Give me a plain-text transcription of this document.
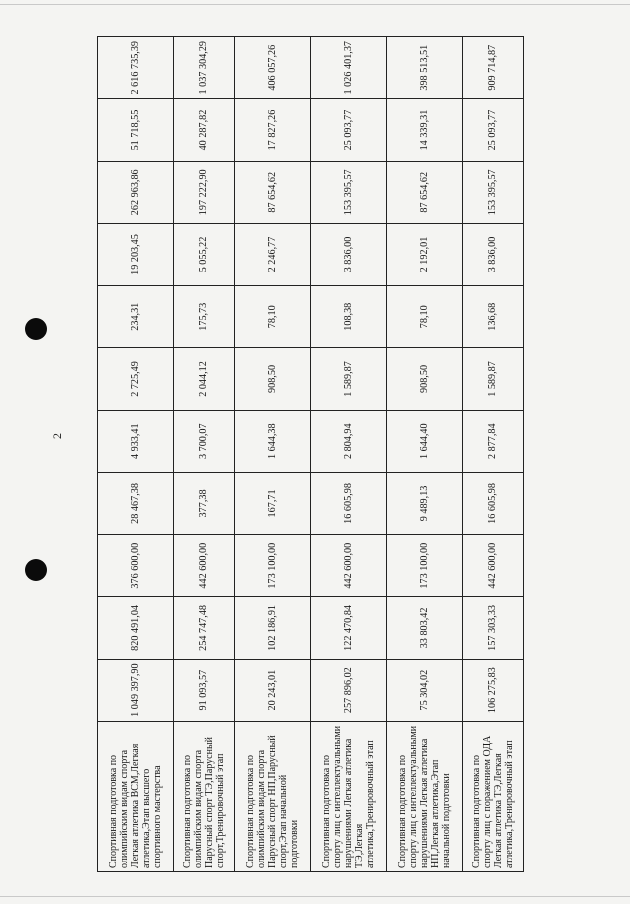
2
Спортивная подготовка по олимпийским видам спорта Легкая атлетика ВСМ,Легкая атлетика,Этап высшего спортивного мастерства	1 049 397,90	820 491,04	376 600,00	28 467,38	4 933,41	2 725,49	234,31	19 203,45	262 963,86	51 718,55	2 616 735,39
Спортивная подготовка по олимпийским видам спорта Парусный спорт ТЭ,Парусный спорт,Тренировочный этап	91 093,57	254 747,48	442 600,00	377,38	3 700,07	2 044,12	175,73	5 055,22	197 222,90	40 287,82	1 037 304,29
Спортивная подготовка по олимпийским видам спорта Парусный спорт НП,Парусный спорт,Этап начальной подготовки	20 243,01	102 186,91	173 100,00	167,71	1 644,38	908,50	78,10	2 246,77	87 654,62	17 827,26	406 057,26
Спортивная подготовка по спорту лиц с интеллектуальными нарушениями Легкая атлетика ТЭ,Легкая атлетика,Тренировочный этап	257 896,02	122 470,84	442 600,00	16 605,98	2 804,94	1 589,87	108,38	3 836,00	153 395,57	25 093,77	1 026 401,37
Спортивная подготовка по спорту лиц с интеллектуальными нарушениями Легкая атлетика НП,Легкая атлетика,Этап начальной подготовки	75 304,02	33 803,42	173 100,00	9 489,13	1 644,40	908,50	78,10	2 192,01	87 654,62	14 339,31	398 513,51
Спортивная подготовка по спорту лиц с поражением ОДА Легкая атлетика ТЭ,Легкая атлетика,Тренировочный этап	106 275,83	157 303,33	442 600,00	16 605,98	2 877,84	1 589,87	136,68	3 836,00	153 395,57	25 093,77	909 714,87
